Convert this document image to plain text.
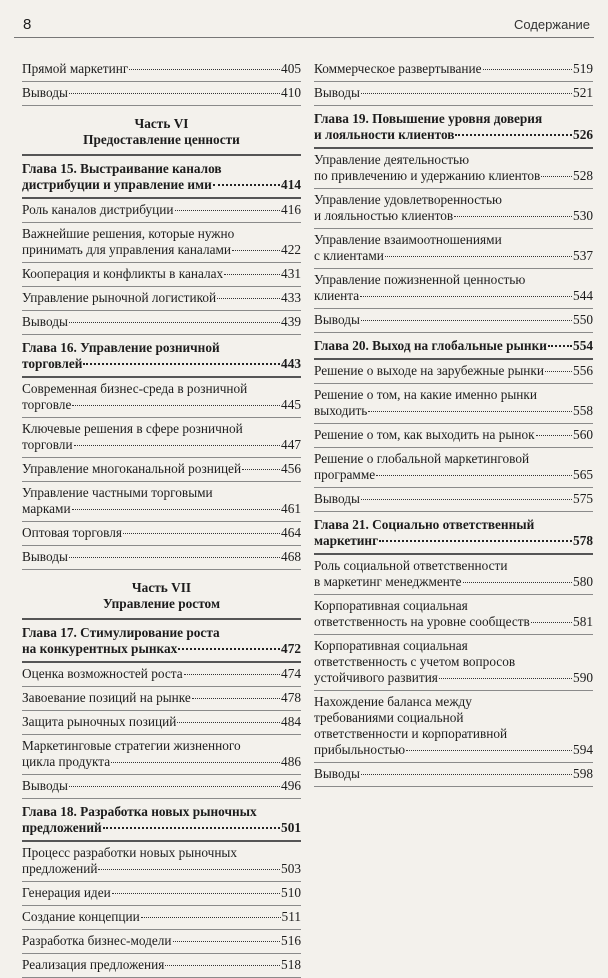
8	Содержание
Прямой маркетинг	405
Выводы	410
Часть VI
Предоставление ценности
Глава 15. Выстраивание каналов
дистрибуции и управление ими	414
Роль каналов дистрибуции	416
Важнейшие решения, которые нужно
принимать для управления каналами	422
Кооперация и конфликты в каналах	431
Управление рыночной логистикой	433
Выводы	439
Глава 16. Управление розничной
торговлей	443
Современная бизнес-среда в розничной
торговле	445
Ключевые решения в сфере розничной
торговли	447
Управление многоканальной розницей	456
Управление частными торговыми
марками	461
Оптовая торговля	464
Выводы	468
Часть VII
Управление ростом
Глава 17. Стимулирование роста
на конкурентных рынках	472
Оценка возможностей роста	474
Завоевание позиций на рынке	478
Защита рыночных позиций	484
Маркетинговые стратегии жизненного
цикла продукта	486
Выводы	496
Глава 18. Разработка новых рыночных
предложений	501
Процесс разработки новых рыночных
предложений	503
Генерация идеи	510
Создание концепции	511
Разработка бизнес-модели	516
Реализация предложения	518
Коммерческое развертывание	519
Выводы	521
Глава 19. Повышение уровня доверия
и лояльности клиентов	526
Управление деятельностью
по привлечению и удержанию клиентов 528
Управление удовлетворенностью
и лояльностью клиентов	530
Управление взаимоотношениями
с клиентами	537
Управление пожизненной ценностью
клиента	544
Выводы	550
Глава 20. Выход на глобальные рынки 554
Решение о выходе на зарубежные рынки 556
Решение о том, на какие именно рынки
выходить	558
Решение о том, как выходить на рынок	560
Решение о глобальной маркетинговой
программе	565
Выводы	575
Глава 21. Социально ответственный
маркетинг	578
Роль социальной ответственности
в маркетинг менеджменте	580
Корпоративная социальная
ответственность на уровне сообществ	581
Корпоративная социальная
ответственность с учетом вопросов
устойчивого развития	590
Нахождение баланса между
требованиями социальной
ответственности и корпоративной
прибыльностью	594
Выводы	598
